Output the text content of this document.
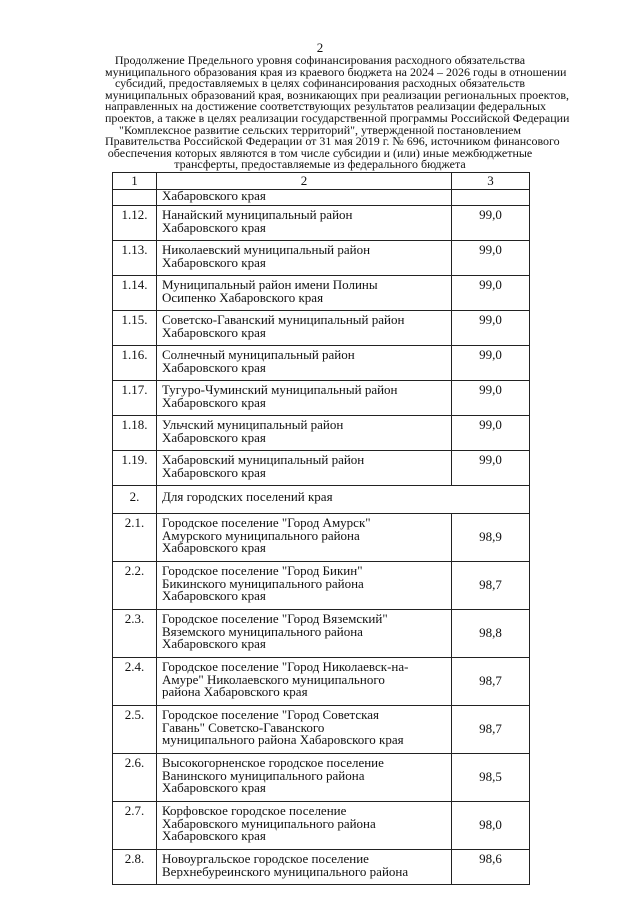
2
Продолжение Предельного уровня софинансирования расходного обязательства
муниципального образования края из краевого бюджета на 2024 – 2026 годы в отношении
субсидий, предоставляемых в целях софинансирования расходных обязательств
муниципальных образований края, возникающих при реализации региональных проектов,
направленных на достижение соответствующих результатов реализации федеральных
проектов, а также в целях реализации государственной программы Российской Федерации
"Комплексное развитие сельских территорий", утвержденной постановлением
Правительства Российской Федерации от 31 мая 2019 г. № 696, источником финансового
обеспечения которых являются в том числе субсидии и (или) иные межбюджетные
трансферты, предоставляемые из федерального бюджета
1	2	3
	Хабаровского края	
1.12.	Нанайский муниципальный район
Хабаровского края	99,0
1.13.	Николаевский муниципальный район
Хабаровского края	99,0
1.14.	Муниципальный район имени Полины
Осипенко Хабаровского края	99,0
1.15.	Советско-Гаванский муниципальный район
Хабаровского края	99,0
1.16.	Солнечный муниципальный район
Хабаровского края	99,0
1.17.	Тугуро-Чуминский муниципальный район
Хабаровского края	99,0
1.18.	Ульчский муниципальный район
Хабаровского края	99,0
1.19.	Хабаровский муниципальный район
Хабаровского края	99,0
2.	Для городских поселений края	
2.1.	Городское поселение "Город Амурск"
Амурского муниципального района
Хабаровского края	98,9
2.2.	Городское поселение "Город Бикин"
Бикинского муниципального района
Хабаровского края	98,7
2.3.	Городское поселение "Город Вяземский"
Вяземского муниципального района
Хабаровского края	98,8
2.4.	Городское поселение "Город Николаевск-на-
Амуре" Николаевского муниципального
района Хабаровского края	98,7
2.5.	Городское поселение "Город Советская
Гавань" Советско-Гаванского
муниципального района Хабаровского края	98,7
2.6.	Высокогорненское городское поселение
Ванинского муниципального района
Хабаровского края	98,5
2.7.	Корфовское городское поселение
Хабаровского муниципального района
Хабаровского края	98,0
2.8.	Новоургальское городское поселение
Верхнебуреинского муниципального района	98,6
